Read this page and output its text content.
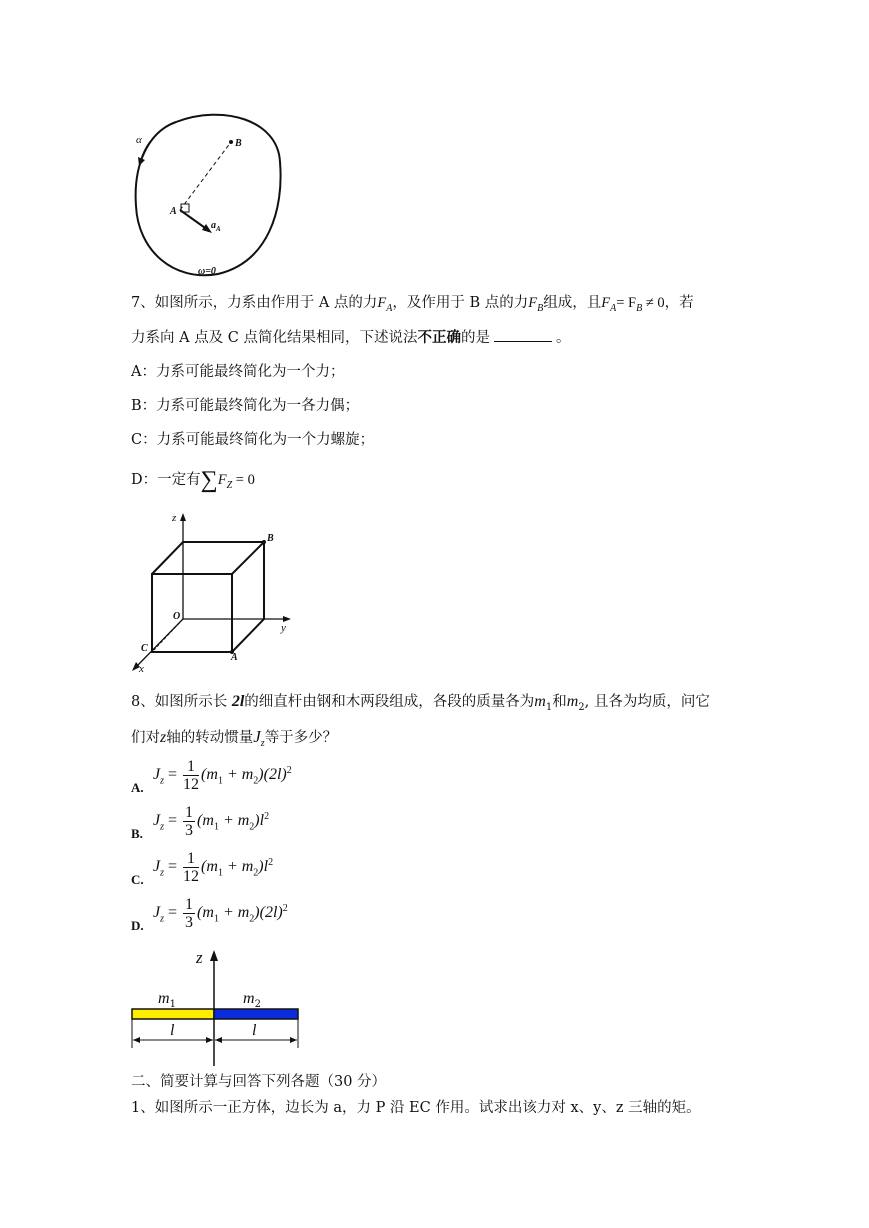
α	B
A
$a_A$
ω=0
7、如图所示，力系由作用于 A 点的力$F_A$，及作用于 B 点的力$F_B$组成，且$F_A= F_B \ne 0$，若
力系向 A 点及 C 点简化结果相同，下述说法不正确的是	。
A：力系可能最终简化为一个力；
B：力系可能最终简化为一各力偶；
C：力系可能最终简化为一个力螺旋；
D：一定有$\sum F_Z = 0$
z
B
O
y
C
A
x
8、如图所示长 2l的细直杆由钢和木两段组成，各段的质量各为$m_1$和$m_2$, 且各为均质，问它
们对z轴的转动惯量$J_z$等于多少？
A.
$J_z = \frac{1}{12} (m_1 + m_2)(2l)^2$
B.
$J_z = \frac{1}{3} (m_1 + m_2)l^2$
C.
$J_z = \frac{1}{12} (m_1 + m_2)l^2$
D.
$J_z = \frac{1}{3} (m_1 + m_2)(2l)^2$
z
$m_1$	$m_2$
l	l
二、简要计算与回答下列各题（30 分）
1、如图所示一正方体，边长为 a，力 P 沿 EC 作用。试求出该力对 x、y、z 三轴的矩。
